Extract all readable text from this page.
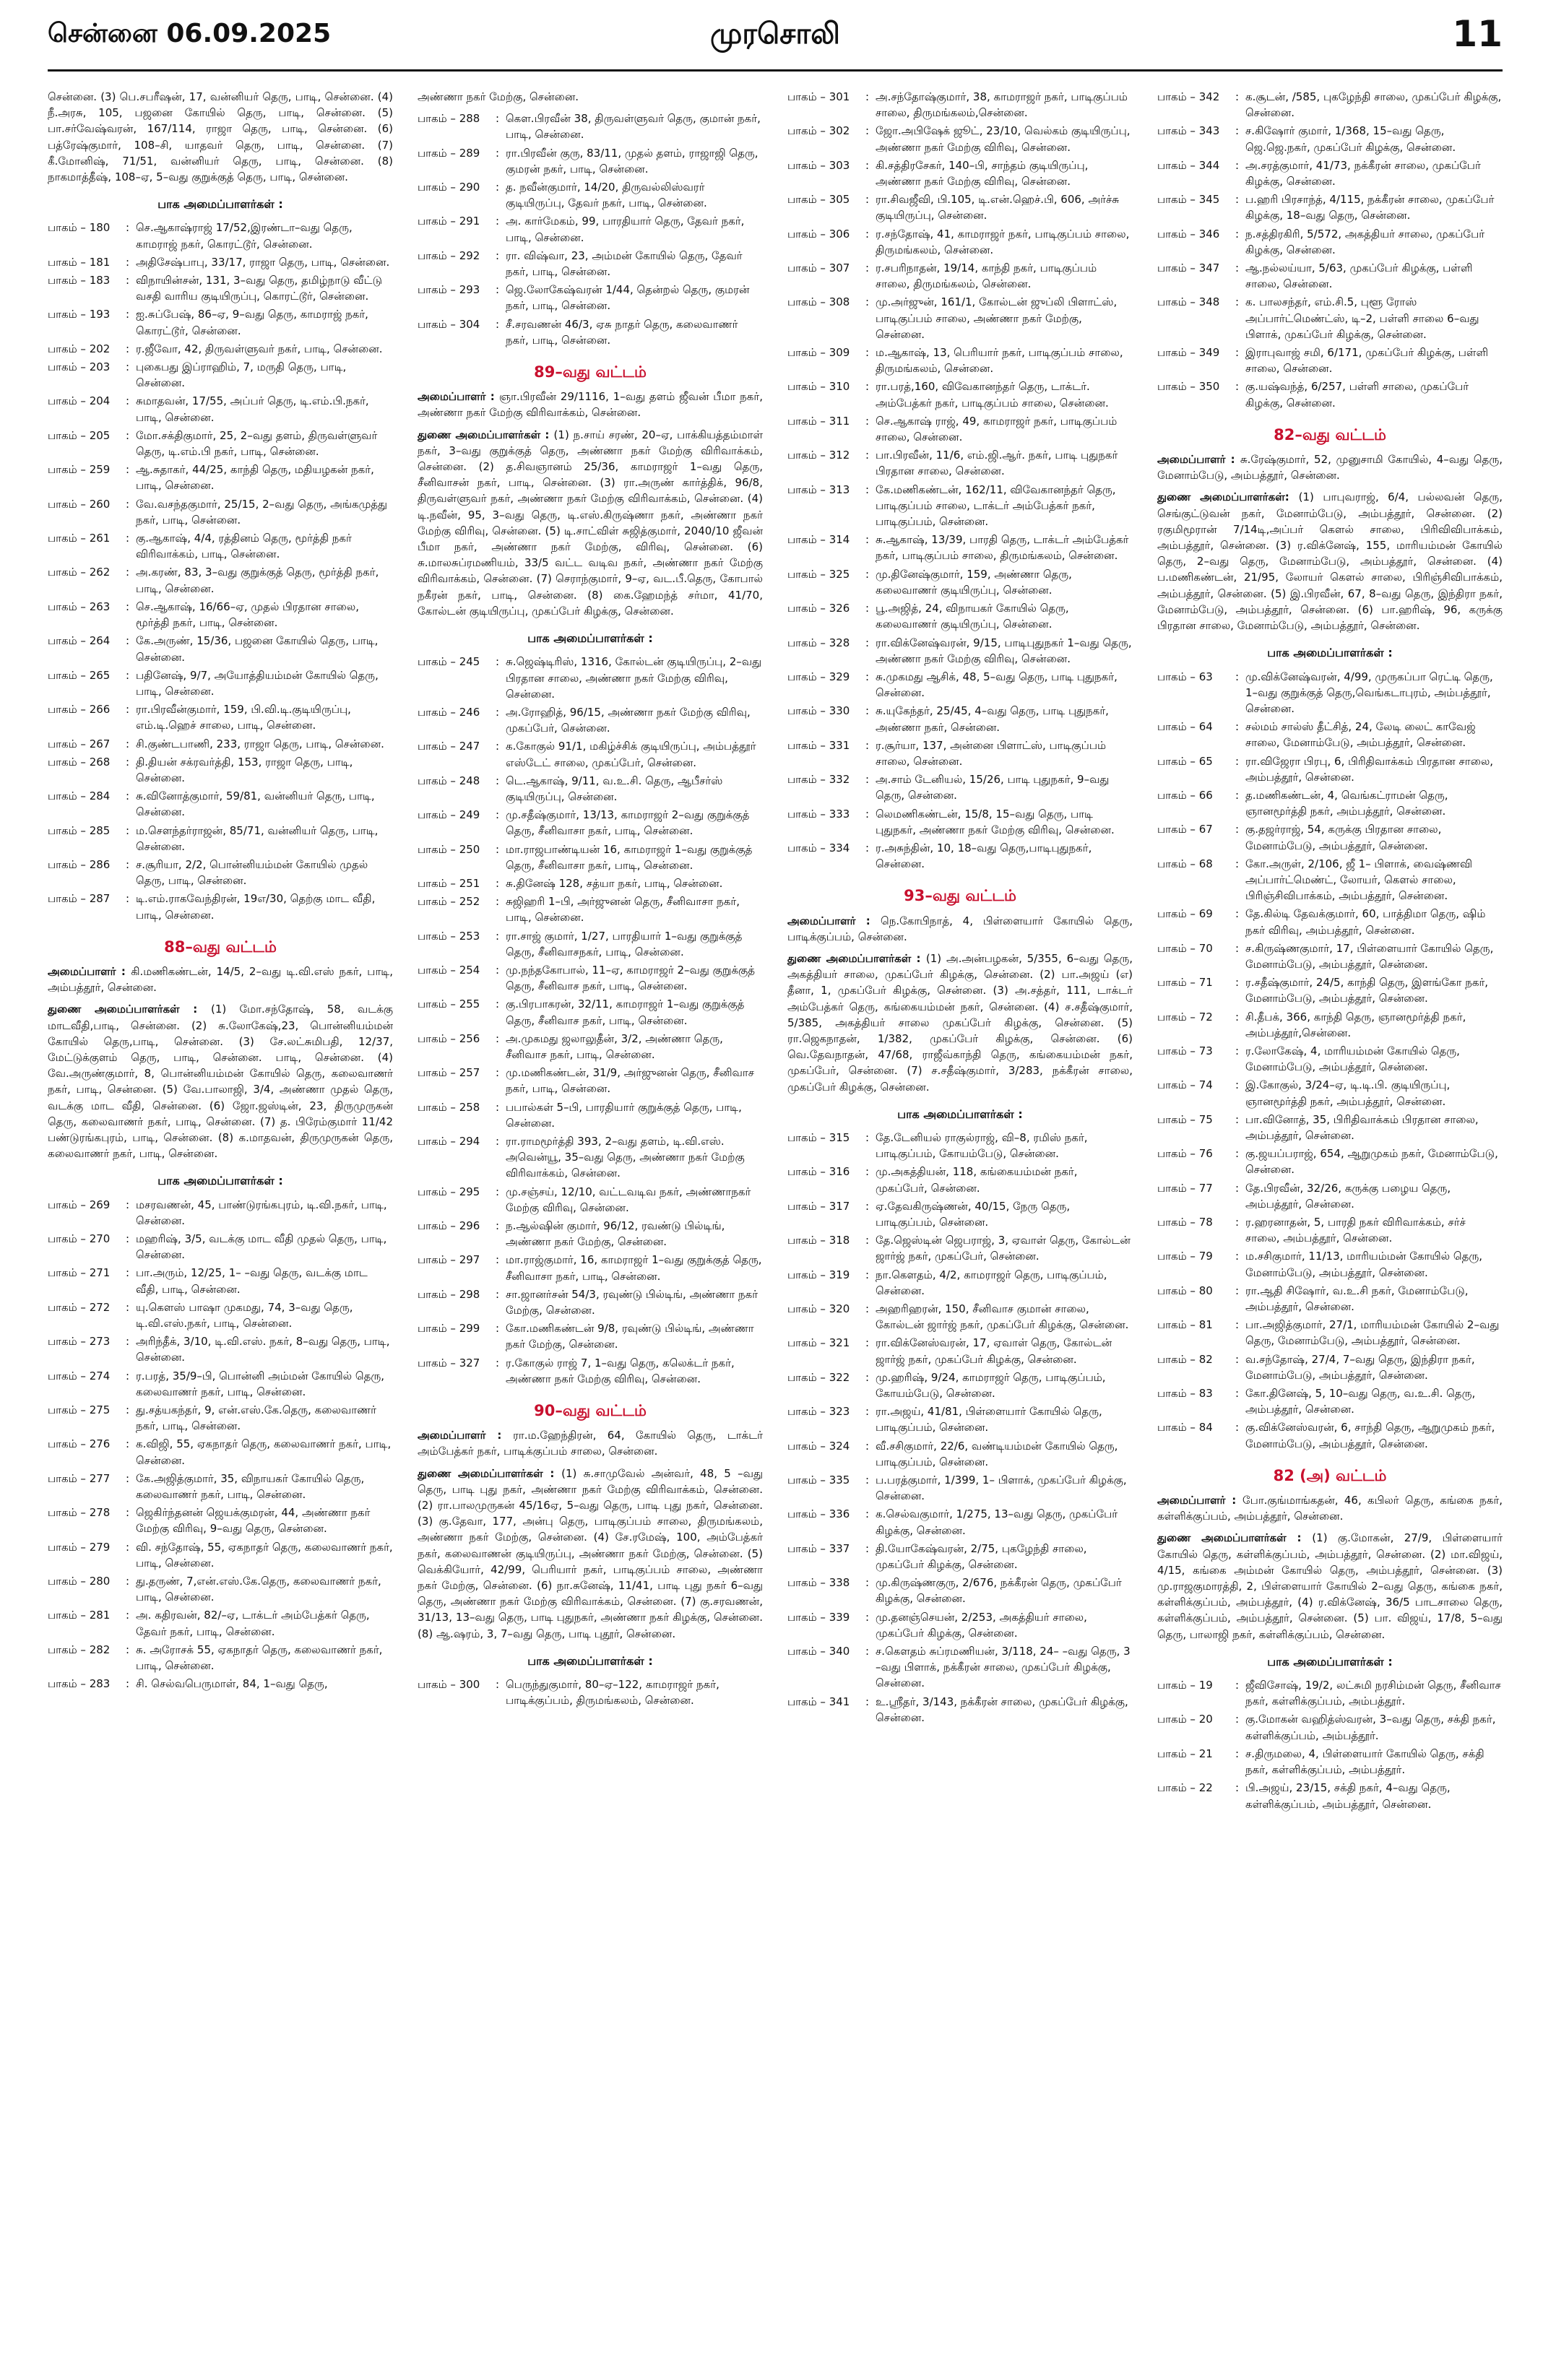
சென்னை 06.09.2025	முரசொலி	11

சென்னை. (3) பெ.சபரீஷன், 17, வன்னியர் தெரு, பாடி, சென்னை. (4) நீ.அரசு, 105, பஜனை கோயில் தெரு, பாடி, சென்னை. (5) பா.சர்வேஷ்வரன், 167/114, ராஜா தெரு, பாடி, சென்னை. (6) பத்ரேஷ்குமார், 108–சி, யாதவர் தெரு, பாடி, சென்னை. (7) கீ.மோனிஷ், 71/51, வன்னியர் தெரு, பாடி, சென்னை. (8) நாகமாத்தீஷ், 108–ஏ, 5–வது குறுக்குத் தெரு, பாடி, சென்னை.

பாக அமைப்பாளர்கள் :
பாகம் – 180	: செ.ஆகாஷ்ராஜ் 17/52,இரண்டா–வது தெரு, காமராஜ் நகர், கொரட்டூர், சென்னை.
பாகம் – 181	: அதிசேஷ்பாபு, 33/17, ராஜா தெரு, பாடி, சென்னை.
பாகம் – 183	: விநாயின்சன், 131, 3–வது தெரு, தமிழ்நாடு வீட்டு வசதி வாரிய குடியிருப்பு, கொரட்டூர், சென்னை.
பாகம் – 193	: ஐ.சுப்பேஷ், 86–ஏ, 9–வது தெரு, காமராஜ் நகர், கொரட்டூர், சென்னை.
பாகம் – 202	: ர.ஜீவோ, 42, திருவள்ளுவர் நகர், பாடி, சென்னை.
பாகம் – 203	: புகைபது இப்ராஹிம், 7, மருதி தெரு, பாடி, சென்னை.
பாகம் – 204	: சுமாதவன், 17/55, அப்பர் தெரு, டி.எம்.பி.நகர், பாடி, சென்னை.
பாகம் – 205	: மோ.சக்திகுமார், 25, 2–வது தளம், திருவள்ளுவர் தெரு, டி.எம்.பி நகர், பாடி, சென்னை.
பாகம் – 259	: ஆ.சுதாகர், 44/25, காந்தி தெரு, மதியழகன் நகர், பாடி, சென்னை.
பாகம் – 260	: வே.வசந்தகுமார், 25/15, 2–வது தெரு, அங்கமுத்து நகர், பாடி, சென்னை.
பாகம் – 261	: கு.ஆகாஷ், 4/4, ரத்தினம் தெரு, மூர்த்தி நகர் விரிவாக்கம், பாடி, சென்னை.
பாகம் – 262	: அ.கரண், 83, 3–வது குறுக்குத் தெரு, மூர்த்தி நகர், பாடி, சென்னை.
பாகம் – 263	: செ.ஆகாஷ், 16/66–ஏ, முதல் பிரதான சாலை, மூர்த்தி நகர், பாடி, சென்னை.
பாகம் – 264	: கே.அருண், 15/36, பஜனை கோயில் தெரு, பாடி, சென்னை.
பாகம் – 265	: பதினேஷ், 9/7, அயோத்தியம்மன் கோயில் தெரு, பாடி, சென்னை.
பாகம் – 266	: ரா.பிரவீன்குமார், 159, பி.வி.டி.குடியிருப்பு, எம்.டி.ஹெச் சாலை, பாடி, சென்னை.
பாகம் – 267	: சி.குண்டபாணி, 233, ராஜா தெரு, பாடி, சென்னை.
பாகம் – 268	: தி.தியன் சக்ரவர்த்தி, 153, ராஜா தெரு, பாடி, சென்னை.
பாகம் – 284	: சு.வினோத்குமார், 59/81, வன்னியர் தெரு, பாடி, சென்னை.
பாகம் – 285	: ம.செளந்தர்ராஜன், 85/71, வன்னியர் தெரு, பாடி, சென்னை.
பாகம் – 286	: ச.சூரியா, 2/2, பொன்னியம்மன் கோயில் முதல் தெரு, பாடி, சென்னை.
பாகம் – 287	: டி.எம்.ராகவேந்திரன், 19எ/30, தெற்கு மாட வீதி, பாடி, சென்னை.
88–வது வட்டம்

அமைப்பாளர் : கி.மணிகண்டன், 14/5, 2–வது டி.வி.எஸ் நகர், பாடி, அம்பத்தூர், சென்னை.

துணை அமைப்பாளர்கள் : (1) மோ.சந்தோஷ், 58, வடக்கு மாடவீதி,பாடி, சென்னை. (2) சு.லோகேஷ்,23, பொன்னியம்மன் கோயில் தெரு,பாடி, சென்னை. (3) சே.லட்சுமிபதி, 12/37, மேட்டுக்குளம் தெரு, பாடி, சென்னை. பாடி, சென்னை. (4) வே.அருண்குமார், 8, பொன்னியம்மன் கோயில் தெரு, கலைவாணர் நகர், பாடி, சென்னை. (5) வே.பாலாஜி, 3/4, அண்ணா முதல் தெரு, வடக்கு மாட வீதி, சென்னை. (6) ஜோ.ஜஸ்டின், 23, திருமுருகன் தெரு, கலைவாணர் நகர், பாடி, சென்னை. (7) த. பிரேம்குமார் 11/42 பண்டுரங்கபுரம், பாடி, சென்னை. (8) க.மாதவன், திருமுருகன் தெரு, கலைவாணர் நகர், பாடி, சென்னை.

பாக அமைப்பாளர்கள் :
பாகம் – 269	: மசரவணன், 45, பாண்டுரங்கபுரம், டி.வி.நகர், பாடி, சென்னை.
பாகம் – 270	: மஹரிஷ், 3/5, வடக்கு மாட வீதி முதல் தெரு, பாடி, சென்னை.
பாகம் – 271	: பா.அரும், 12/25, 1– –வது தெரு, வடக்கு மாட வீதி, பாடி, சென்னை.
பாகம் – 272	: யு.கௌஸ் பாஷா முகமது, 74, 3–வது தெரு, டி.வி.எஸ்.நகர், பாடி, சென்னை.
பாகம் – 273	: அரிந்தீக், 3/10, டி.வி.எஸ். நகர், 8–வது தெரு, பாடி, சென்னை.
பாகம் – 274	: ர.பரத், 35/9–பி, பொன்னி அம்மன் கோயில் தெரு, கலைவாணர் நகர், பாடி, சென்னை.
பாகம் – 275	: து.சத்யகந்தர், 9, என்.எஸ்.கே.தெரு, கலைவாணர் நகர், பாடி, சென்னை.
பாகம் – 276	: க.விஜி, 55, ஏகநாதர் தெரு, கலைவாணர் நகர், பாடி, சென்னை.
பாகம் – 277	: கே.அஜித்குமார், 35, விநாயகர் கோயில் தெரு, கலைவாணர் நகர், பாடி, சென்னை.
பாகம் – 278	: ஜெகிர்ந்தனன் ஜெயக்குமரன், 44, அண்ணா நகர் மேற்கு விரிவு, 9–வது தெரு, சென்னை.
பாகம் – 279	: வி. சந்தோஷ், 55, ஏகநாதர் தெரு, கலைவாணர் நகர், பாடி, சென்னை.
பாகம் – 280	: து.தருண், 7,என்.எஸ்.கே.தெரு, கலைவாணர் நகர், பாடி, சென்னை.
பாகம் – 281	: அ. கதிரவன், 82/–ஏ, டாக்டர் அம்பேத்கர் தெரு, தேவர் நகர், பாடி, சென்னை.
பாகம் – 282	: சு. அரோசக் 55, ஏகநாதர் தெரு, கலைவாணர் நகர், பாடி, சென்னை.
பாகம் – 283	: சி. செல்வபெருமாள், 84, 1–வது தெரு,

அண்ணா நகர் மேற்கு, சென்னை.

பாகம் – 288	: கௌ.பிரவீன் 38, திருவள்ளுவர் தெரு, குமான் நகர், பாடி, சென்னை.
பாகம் – 289	: ரா.பிரவீன் குரு, 83/11, முதல் தளம், ராஜாஜி தெரு, குமரன் நகர், பாடி, சென்னை.
பாகம் – 290	: த. நவீன்குமார், 14/20, திருவல்லிஸ்வரர் குடியிருப்பு, தேவர் நகர், பாடி, சென்னை.
பாகம் – 291	: அ. கார்மேகம், 99, பாரதியார் தெரு, தேவர் நகர், பாடி, சென்னை.
பாகம் – 292	: ரா. விஷ்வா, 23, அம்மன் கோயில் தெரு, தேவர் நகர், பாடி, சென்னை.
பாகம் – 293	: ஜெ.லோகேஷ்வரன் 1/44, தென்றல் தெரு, குமரன் நகர், பாடி, சென்னை.
பாகம் – 304	: சீ.சரவணன் 46/3, ஏசு நாதர் தெரு, கலைவாணர் நகர், பாடி, சென்னை.
89–வது வட்டம்

அமைப்பாளர் : ஞா.பிரவீன் 29/1116, 1–வது தளம் ஜீவன் பீமா நகர், அண்ணா நகர் மேற்கு விரிவாக்கம், சென்னை.

துணை அமைப்பாளர்கள் : (1) ந.சாய் சரண், 20–ஏ, பாக்கியத்தம்மாள் நகர், 3–வது குறுக்குத் தெரு, அண்ணா நகர் மேற்கு விரிவாக்கம், சென்னை. (2) த.சிவஞானம் 25/36, காமராஜர் 1–வது தெரு, சீனிவாசன் நகர், பாடி, சென்னை. (3) ரா.அருண் கார்த்திக், 96/8, திருவள்ளுவர் நகர், அண்ணா நகர் மேற்கு விரிவாக்கம், சென்னை. (4) டி.நவீன், 95, 3–வது தெரு, டி.எஸ்.கிருஷ்ணா நகர், அண்ணா நகர் மேற்கு விரிவு, சென்னை. (5) டி.சாட்விள் சுஜித்குமார், 2040/10 ஜீவன் பீமா நகர், அண்ணா நகர் மேற்கு, விரிவு, சென்னை. (6) சு.மாலசுப்ரமணியம், 33/5 வட்ட வடிவ நகர், அண்ணா நகர் மேற்கு விரிவாக்கம், சென்னை. (7) செராந்குமார், 9–ஏ, வட.பீ.தெரு, கோபால் நகீரன் நகர், பாடி, சென்னை. (8) கை.ஹேமந்த் சர்மா, 41/70, கோல்டன் குடியிருப்பு, முகப்பேர் கிழக்கு, சென்னை.

பாக அமைப்பாளர்கள் :
பாகம் – 245	: சு.ஜெஷ்டிரிஸ், 1316, கோல்டன் குடியிருப்பு, 2–வது பிரதான சாலை, அண்ணா நகர் மேற்கு விரிவு, சென்னை.
பாகம் – 246	: அ.ரோஹித், 96/15, அண்ணா நகர் மேற்கு விரிவு, முகப்பேர், சென்னை.
பாகம் – 247	: க.கோகுல் 91/1, மகிழ்ச்சிக் குடியிருப்பு, அம்பத்தூர் எஸ்டேட் சாலை, முகப்பேர், சென்னை.
பாகம் – 248	: டெ.ஆகாஷ், 9/11, வ.உ.சி. தெரு, ஆபீசர்ஸ் குடியிருப்பு, சென்னை.
பாகம் – 249	: மு.சதீஷ்குமார், 13/13, காமராஜர் 2–வது குறுக்குத் தெரு, சீனிவாசா நகர், பாடி, சென்னை.
பாகம் – 250	: மா.ராஜபாண்டியன் 16, காமராஜர் 1–வது குறுக்குத் தெரு, சீனிவாசா நகர், பாடி, சென்னை.
பாகம் – 251	: சு.தினேஷ் 128, சத்யா நகர், பாடி, சென்னை.
பாகம் – 252	: சுஜிஹரி 1–பி, அர்ஜுனன் தெரு, சீனிவாசா நகர், பாடி, சென்னை.
பாகம் – 253	: ரா.சாஜ் குமார், 1/27, பாரதியார் 1–வது குறுக்குத் தெரு, சீனிவாசநகர், பாடி, சென்னை.
பாகம் – 254	: மு.நந்தகோபால், 11–ஏ, காமராஜர் 2–வது குறுக்குத் தெரு, சீனிவாச நகர், பாடி, சென்னை.
பாகம் – 255	: கு.பிரபாகரன், 32/11, காமராஜர் 1–வது குறுக்குத் தெரு, சீனிவாச நகர், பாடி, சென்னை.
பாகம் – 256	: அ.முகமது ஜலாலுதீன், 3/2, அண்ணா தெரு, சீனிவாச நகர், பாடி, சென்னை.
பாகம் – 257	: மு.மணிகண்டன், 31/9, அர்ஜுனன் தெரு, சீனிவாச நகர், பாடி, சென்னை.
பாகம் – 258	: பபால்கள் 5–பி, பாரதியார் குறுக்குத் தெரு, பாடி, சென்னை.
பாகம் – 294	: ரா.ராமமூர்த்தி 393, 2–வது தளம், டி.வி.எஸ். அவென்யூ, 35–வது தெரு, அண்ணா நகர் மேற்கு விரிவாக்கம், சென்னை.
பாகம் – 295	: மு.சஞ்சய், 12/10, வட்டவடிவ நகர், அண்ணாநகர் மேற்கு விரிவு, சென்னை.
பாகம் – 296	: ந.ஆல்ஷின் குமார், 96/12, ரவண்டு பில்டிங், அண்ணா நகர் மேற்கு, சென்னை.
பாகம் – 297	: மா.ராஜ்குமார், 16, காமராஜர் 1–வது குறுக்குத் தெரு, சீனிவாசா நகர், பாடி, சென்னை.
பாகம் – 298	: சா.ஜானர்சன் 54/3, ரவுண்டு பில்டிங், அண்ணா நகர் மேற்கு, சென்னை.
பாகம் – 299	: கோ.மணிகண்டன் 9/8, ரவுண்டு பில்டிங், அண்ணா நகர் மேற்கு, சென்னை.
பாகம் – 327	: ர.கோகுல் ராஜ் 7, 1–வது தெரு, கலெக்டர் நகர், அண்ணா நகர் மேற்கு விரிவு, சென்னை.
90–வது வட்டம்

அமைப்பாளர் : ரா.ம.ஹேந்திரன், 64, கோயில் தெரு, டாக்டர் அம்பேத்கர் நகர், பாடிக்குப்பம் சாலை, சென்னை.

துணை அமைப்பாளர்கள் : (1) சு.சாமுவேல் அன்வர், 48, 5 –வது தெரு, பாடி புது நகர், அண்ணா நகர் மேற்கு விரிவாக்கம், சென்னை. (2) ரா.பாலமுருகன் 45/16ஏ, 5–வது தெரு, பாடி புது நகர், சென்னை. (3) கு.தேவா, 177, அன்பு தெரு, பாடிகுப்பம் சாலை, திருமங்கலம், அண்ணா நகர் மேற்கு, சென்னை. (4) சே.ரமேஷ், 100, அம்பேத்கர் நகர், கலைவாணன் குடியிருப்பு, அண்ணா நகர் மேற்கு, சென்னை. (5) வெக்கியோர், 42/99, பெரியார் நகர், பாடிகுப்பம் சாலை, அண்ணா நகர் மேற்கு, சென்னை. (6) நா.சுனேஷ், 11/41, பாடி புது நகர் 6–வது தெரு, அண்ணா நகர் மேற்கு விரிவாக்கம், சென்னை. (7) கு.சரவணன், 31/13, 13–வது தெரு, பாடி புதுநகர், அண்ணா நகர் கிழக்கு, சென்னை. (8) ஆ.ஷரம், 3, 7–வது தெரு, பாடி புதூர், சென்னை.

பாக அமைப்பாளர்கள் :
பாகம் – 300	: பெருந்துகுமார், 80–ஏ–122, காமராஜர் நகர், பாடிக்குப்பம், திருமங்கலம், சென்னை.
பாகம் – 301	: அ.சந்தோஷ்குமார், 38, காமராஜர் நகர், பாடிகுப்பம் சாலை, திருமங்கலம்,சென்னை.
பாகம் – 302	: ஜோ.அபிஷேக் ஜூட், 23/10, வெல்கம் குடியிருப்பு, அண்ணா நகர் மேற்கு விரிவு, சென்னை.
பாகம் – 303	: கி.சத்திரசேகர், 140–பி, சாந்தம் குடியிருப்பு, அண்ணா நகர் மேற்கு விரிவு, சென்னை.
பாகம் – 305	: ரா.சிவஜீவி, பி.105, டி.என்.ஹெச்.பி, 606, அர்ச்சு குடியிருப்பு, சென்னை.
பாகம் – 306	: ர.சந்தோஷ், 41, காமராஜர் நகர், பாடிகுப்பம் சாலை, திருமங்கலம், சென்னை.
பாகம் – 307	: ர.சபரிநாதன், 19/14, காந்தி நகர், பாடிகுப்பம் சாலை, திருமங்கலம், சென்னை.
பாகம் – 308	: மு.அர்ஜுன், 161/1, கோல்டன் ஜுப்லி பிளாட்ஸ், பாடிகுப்பம் சாலை, அண்ணா நகர் மேற்கு, சென்னை.
பாகம் – 309	: ம.ஆகாஷ், 13, பெரியார் நகர், பாடிகுப்பம் சாலை, திருமங்கலம், சென்னை.
பாகம் – 310	: ரா.பரத்,160, விவேகானந்தர் தெரு, டாக்டர். அம்பேத்கர் நகர், பாடிகுப்பம் சாலை, சென்னை.
பாகம் – 311	: செ.ஆகாஷ் ராஜ், 49, காமராஜர் நகர், பாடிகுப்பம் சாலை, சென்னை.
பாகம் – 312	: பா.பிரவீன், 11/6, எம்.ஜி.ஆர். நகர், பாடி புதுநகர் பிரதான சாலை, சென்னை.
பாகம் – 313	: கே.மணிகண்டன், 162/11, விவேகானந்தர் தெரு, பாடிகுப்பம் சாலை, டாக்டர் அம்பேத்கர் நகர், பாடிகுப்பம், சென்னை.
பாகம் – 314	: சு.ஆகாஷ், 13/39, பாரதி தெரு, டாக்டர் அம்பேத்கர் நகர், பாடிகுப்பம் சாலை, திருமங்கலம், சென்னை.
பாகம் – 325	: மு.தினேஷ்குமார், 159, அண்ணா தெரு, கலைவாணர் குடியிருப்பு, சென்னை.
பாகம் – 326	: பூ.அஜித், 24, விநாயகர் கோயில் தெரு, கலைவாணர் குடியிருப்பு, சென்னை.
பாகம் – 328	: ரா.விக்னேஷ்வரன், 9/15, பாடிபுதுநகர் 1–வது தெரு, அண்ணா நகர் மேற்கு விரிவு, சென்னை.
பாகம் – 329	: சு.முகமது ஆசிக், 48, 5–வது தெரு, பாடி புதுநகர், சென்னை.
பாகம் – 330	: சு.யுகேந்தர், 25/45, 4–வது தெரு, பாடி புதுநகர், அண்ணா நகர், சென்னை.
பாகம் – 331	: ர.சூர்யா, 137, அன்னை பிளாட்ஸ், பாடிகுப்பம் சாலை, சென்னை.
பாகம் – 332	: அ.சாம் டேனியல், 15/26, பாடி புதுநகர், 9–வது தெரு, சென்னை.
பாகம் – 333	: லெமணிகண்டன், 15/8, 15–வது தெரு, பாடி புதுநகர், அண்ணா நகர் மேற்கு விரிவு, சென்னை.
பாகம் – 334	: ர.அசுந்தின், 10, 18–வது தெரு,பாடிபுதுநகர், சென்னை.
93–வது வட்டம்

அமைப்பாளர் : நெ.கோபிநாத், 4, பிள்ளையார் கோயில் தெரு, பாடிக்குப்பம், சென்னை.

துணை அமைப்பாளர்கள் : (1) அ.அன்பழகன், 5/355, 6–வது தெரு, அகத்தியர் சாலை, முகப்பேர் கிழக்கு, சென்னை. (2) பா.அஜய் (எ) தீனா, 1, முகப்பேர் கிழக்கு, சென்னை. (3) அ.சத்தர், 111, டாக்டர் அம்பேத்கர் தெரு, கங்கையம்மன் நகர், சென்னை. (4) ச.சதீஷ்குமார், 5/385, அகத்தியர் சாலை முகப்பேர் கிழக்கு, சென்னை. (5) ரா.ஜெகநாதன், 1/382, முகப்பேர் கிழக்கு, சென்னை. (6) வெ.தேவநாதன், 47/68, ராஜீவ்காந்தி தெரு, கங்கையம்மன் நகர், முகப்பேர், சென்னை. (7) ச.சதீஷ்குமார், 3/283, நக்கீரன் சாலை, முகப்பேர் கிழக்கு, சென்னை.

பாக அமைப்பாளர்கள் :
பாகம் – 315	: தே.டேனியல் ராகுல்ராஜ், வி–8, ரமிஸ் நகர், பாடிகுப்பம், கோயம்பேடு, சென்னை.
பாகம் – 316	: மு.அகத்தியன், 118, கங்கையம்மன் நகர், முகப்பேர், சென்னை.
பாகம் – 317	: ஏ.தேவகிருஷ்ணன், 40/15, நேரு தெரு, பாடிகுப்பம், சென்னை.
பாகம் – 318	: தே.ஜெஸ்டின் ஜெபராஜ், 3, ஏவாள் தெரு, கோல்டன் ஜார்ஜ் நகர், முகப்பேர், சென்னை.
பாகம் – 319	: நா.கௌதம், 4/2, காமராஜர் தெரு, பாடிகுப்பம், சென்னை.
பாகம் – 320	: அஹரிஹரன், 150, சீனிவாச குமான் சாலை, கோல்டன் ஜார்ஜ் நகர், முகப்பேர் கிழக்கு, சென்னை.
பாகம் – 321	: ரா.விக்னேஸ்வரன், 17, ஏவாள் தெரு, கோல்டன் ஜார்ஜ் நகர், முகப்பேர் கிழக்கு, சென்னை.
பாகம் – 322	: மு.ஹரிஷ், 9/24, காமராஜர் தெரு, பாடிகுப்பம், கோயம்பேடு, சென்னை.
பாகம் – 323	: ரா.அஜய், 41/81, பிள்ளையார் கோயில் தெரு, பாடிகுப்பம், சென்னை.
பாகம் – 324	: வீ.சசிகுமார், 22/6, வண்டியம்மன் கோயில் தெரு, பாடிகுப்பம், சென்னை.
பாகம் – 335	: ப.பரத்குமார், 1/399, 1– பிளாக், முகப்பேர் கிழக்கு, சென்னை.
பாகம் – 336	: க.செல்வகுமார், 1/275, 13–வது தெரு, முகப்பேர் கிழக்கு, சென்னை.
பாகம் – 337	: தி.யோகேஷ்வரன், 2/75, புகழேந்தி சாலை, முகப்பேர் கிழக்கு, சென்னை.
பாகம் – 338	: மு.கிருஷ்ணகுரு, 2/676, நக்கீரன் தெரு, முகப்பேர் கிழக்கு, சென்னை.
பாகம் – 339	: மு.தனஞ்செயன், 2/253, அகத்தியர் சாலை, முகப்பேர் கிழக்கு, சென்னை.
பாகம் – 340	: ச.கௌதம் சுப்ரமணியன், 3/118, 24– –வது தெரு, 3 –வது பிளாக், நக்கீரன் சாலை, முகப்பேர் கிழக்கு, சென்னை.
பாகம் – 341	: உ.ஸ்ரீதர், 3/143, நக்கீரன் சாலை, முகப்பேர் கிழக்கு, சென்னை.
பாகம் – 342	: க.சூடன், /585, புகழேந்தி சாலை, முகப்பேர் கிழக்கு, சென்னை.
பாகம் – 343	: ச.கிஷோர் குமார், 1/368, 15–வது தெரு, ஜெ.ஜெ.நகர், முகப்பேர் கிழக்கு, சென்னை.
பாகம் – 344	: அ.சரத்குமார், 41/73, நக்கீரன் சாலை, முகப்பேர் கிழக்கு, சென்னை.
பாகம் – 345	: ப.ஹரி பிரசாந்த், 4/115, நக்கீரன் சாலை, முகப்பேர் கிழக்கு, 18–வது தெரு, சென்னை.
பாகம் – 346	: ந.சத்திரகிரி, 5/572, அகத்தியர் சாலை, முகப்பேர் கிழக்கு, சென்னை.
பாகம் – 347	: ஆ.நல்லய்யா, 5/63, முகப்பேர் கிழக்கு, பள்ளி சாலை, சென்னை.
பாகம் – 348	: க. பாலசந்தர், எம்.சி.5, புளூ ரோஸ் அப்பார்ட்மெண்ட்ஸ், டி–2, பள்ளி சாலை 6–வது பிளாக், முகப்பேர் கிழக்கு, சென்னை.
பாகம் – 349	: இராபுவாஜ் சமி, 6/171, முகப்பேர் கிழக்கு, பள்ளி சாலை, சென்னை.
பாகம் – 350	: கு.யஷ்வந்த், 6/257, பள்ளி சாலை, முகப்பேர் கிழக்கு, சென்னை.
82–வது வட்டம்

அமைப்பாளர் : சு.ரேஷ்குமார், 52, முனுசாமி கோயில், 4–வது தெரு, மேனாம்பேடு, அம்பத்தூர், சென்னை.

துணை அமைப்பாளர்கள்: (1) பாபுவராஜ், 6/4, பல்லவன் தெரு, செங்குட்டுவன் நகர், மேனாம்பேடு, அம்பத்தூர், சென்னை. (2) ரகுமிமூரான் 7/14டி,அப்பர் கௌல் சாலை, பிரிவிவிபாக்கம், அம்பத்தூர், சென்னை. (3) ர.விக்னேஷ், 155, மாரியம்மன் கோயில் தெரு, 2–வது தெரு, மேனாம்பேடு, அம்பத்தூர், சென்னை. (4) ப.மணிகண்டன், 21/95, லோயர் கௌல் சாலை, பிரிஞ்சிவிபாக்கம், அம்பத்தூர், சென்னை. (5) இ.பிரவீன், 67, 8–வது தெரு, இந்திரா நகர், மேனாம்பேடு, அம்பத்தூர், சென்னை. (6) பா.ஹரிஷ், 96, கருக்கு பிரதான சாலை, மேனாம்பேடு, அம்பத்தூர், சென்னை.

பாக அமைப்பாளர்கள் :
பாகம் – 63	: மு.விக்னேஷ்வரன், 4/99, முருகப்பா ரெட்டி தெரு, 1–வது குறுக்குத் தெரு,வெங்கடாபுரம், அம்பத்தூர், சென்னை.
பாகம் – 64	: சல்மம் சால்ஸ் தீட்சித், 24, லேடி லைட் காவேஜ் சாலை, மேனாம்பேடு, அம்பத்தூர், சென்னை.
பாகம் – 65	: ரா.விஜேரா பிரபு, 6, பிரிதிவாக்கம் பிரதான சாலை, அம்பத்தூர், சென்னை.
பாகம் – 66	: த.மணிகண்டன், 4, வெங்கட்ராமன் தெரு, ஞானமூர்த்தி நகர், அம்பத்தூர், சென்னை.
பாகம் – 67	: கு.தஜர்ராஜ், 54, கருக்கு பிரதான சாலை, மேனாம்பேடு, அம்பத்தூர், சென்னை.
பாகம் – 68	: கோ.அருள், 2/106, ஜீ 1– பிளாக், வைஷ்ணவி அப்பார்ட்மெண்ட், லோயர், கௌல் சாலை, பிரிஞ்சிவிபாக்கம், அம்பத்தூர், சென்னை.
பாகம் – 69	: தே.கில்டி தேவக்குமார், 60, பாத்திமா தெரு, ஷிம் நகர் விரிவு, அம்பத்தூர், சென்னை.
பாகம் – 70	: ச.கிருஷ்ணகுமார், 17, பிள்ளையார் கோயில் தெரு, மேனாம்பேடு, அம்பத்தூர், சென்னை.
பாகம் – 71	: ர.சதீஷ்குமார், 24/5, காந்தி தெரு, இளங்கோ நகர், மேனாம்பேடு, அம்பத்தூர், சென்னை.
பாகம் – 72	: சி.தீபக், 366, காந்தி தெரு, ஞானமூர்த்தி நகர், அம்பத்தூர்,சென்னை.
பாகம் – 73	: ர.லோகேஷ், 4, மாரியம்மன் கோயில் தெரு, மேனாம்பேடு, அம்பத்தூர், சென்னை.
பாகம் – 74	: இ.கோகுல், 3/24–ஏ, டி.டி.பி. குடியிருப்பு, ஞானமூர்த்தி நகர், அம்பத்தூர், சென்னை.
பாகம் – 75	: பா.வினோத், 35, பிரிதிவாக்கம் பிரதான சாலை, அம்பத்தூர், சென்னை.
பாகம் – 76	: கு.ஜயப்பராஜ், 654, ஆறுமுகம் நகர், மேனாம்பேடு, சென்னை.
பாகம் – 77	: தே.பிரவீன், 32/26, கருக்கு பழைய தெரு, அம்பத்தூர், சென்னை.
பாகம் – 78	: ர.ஹரனாதன், 5, பாரதி நகர் விரிவாக்கம், சர்ச் சாலை, அம்பத்தூர், சென்னை.
பாகம் – 79	: ம.சசிகுமார், 11/13, மாரியம்மன் கோயில் தெரு, மேனாம்பேடு, அம்பத்தூர், சென்னை.
பாகம் – 80	: ரா.ஆதி சிஷோர், வ.உ.சி நகர், மேனாம்பேடு, அம்பத்தூர், சென்னை.
பாகம் – 81	: பா.அஜித்குமார், 27/1, மாரியம்மன் கோயில் 2–வது தெரு, மேனாம்பேடு, அம்பத்தூர், சென்னை.
பாகம் – 82	: வ.சந்தோஷ், 27/4, 7–வது தெரு, இந்திரா நகர், மேனாம்பேடு, அம்பத்தூர், சென்னை.
பாகம் – 83	: கோ.தினேஷ், 5, 10–வது தெரு, வ.உ.சி. தெரு, அம்பத்தூர், சென்னை.
பாகம் – 84	: கு.விக்னேஸ்வரன், 6, சாந்தி தெரு, ஆறுமுகம் நகர், மேனாம்பேடு, அம்பத்தூர், சென்னை.
82 (அ) வட்டம்

அமைப்பாளர் : போ.குங்மாங்கதன், 46, கபிலர் தெரு, கங்கை நகர், கள்ளிக்குப்பம், அம்பத்தூர், சென்னை.

துணை அமைப்பாளர்கள் : (1) கு.மோகன், 27/9, பிள்ளையார் கோயில் தெரு, கள்ளிக்குப்பம், அம்பத்தூர், சென்னை. (2) மா.விஜய், 4/15, கங்கை அம்மன் கோயில் தெரு, அம்பத்தூர், சென்னை. (3) மு.ராஜகுமாரத்தி, 2, பிள்ளையார் கோயில் 2–வது தெரு, கங்கை நகர், கள்ளிக்குப்பம், அம்பத்தூர், (4) ர.விக்னேஷ், 36/5 பாடசாலை தெரு, கள்ளிக்குப்பம், அம்பத்தூர், சென்னை. (5) பா. விஜய், 17/8, 5–வது தெரு, பாலாஜி நகர், கள்ளிக்குப்பம், சென்னை.

பாக அமைப்பாளர்கள் :
பாகம் – 19	: ஜீவிசோஷ், 19/2, லட்சுமி நரசிம்மன் தெரு, சீனிவாச நகர், கள்ளிக்குப்பம், அம்பத்தூர்.
பாகம் – 20	: கு.மோகன் வஹித்ஸ்வரன், 3–வது தெரு, சக்தி நகர், கள்ளிக்குப்பம், அம்பத்தூர்.
பாகம் – 21	: ச.திருமலை, 4, பிள்ளையார் கோயில் தெரு, சக்தி நகர், கள்ளிக்குப்பம், அம்பத்தூர்.
பாகம் – 22	: பி.அஜய், 23/15, சக்தி நகர், 4–வது தெரு, கள்ளிக்குப்பம், அம்பத்தூர், சென்னை.
